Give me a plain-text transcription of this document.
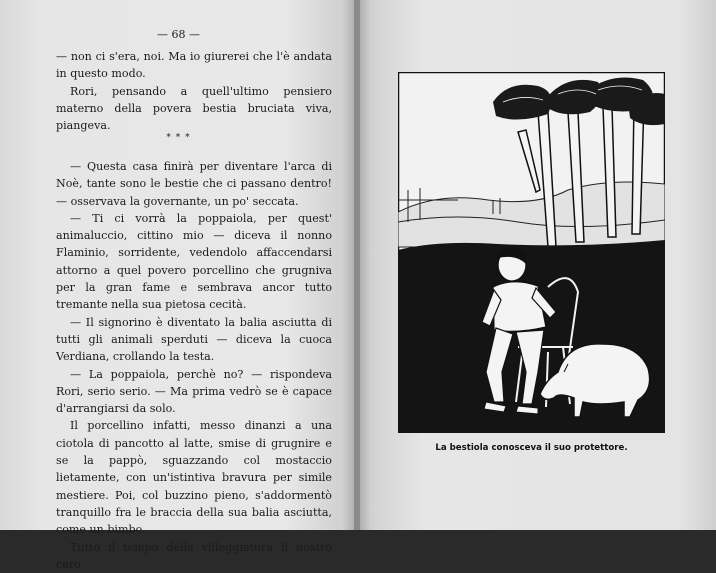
— 68 —

— non ci s'era, noi. Ma io giurerei che l'è andata in questo modo.

Rori, pensando a quell'ultimo pensiero materno della povera bestia bruciata viva, piangeva.

* * *

— Questa casa finirà per diventare l'arca di Noè, tante sono le bestie che ci passano dentro! — osservava la governante, un po' seccata.

— Ti ci vorrà la poppaiola, per quest' animaluccio, cittino mio — diceva il nonno Flaminio, sorridente, vedendolo affaccendarsi attorno a quel povero porcellino che grugniva per la gran fame e sembrava ancor tutto tremante nella sua pietosa cecità.

— Il signorino è diventato la balia asciutta di tutti gli animali sperduti — diceva la cuoca Verdiana, crollando la testa.

— La poppaiola, perchè no? — rispondeva Rori, serio serio. — Ma prima vedrò se è capace d'arrangiarsi da solo.

Il porcellino infatti, messo dinanzi a una ciotola di pancotto al latte, smise di grugnire e se la pappò, sguazzando col mostaccio lietamente, con un'istintiva bravura per simile mestiere. Poi, col buzzino pieno, s'addormentò tranquillo fra le braccia della sua balia asciutta, come un bimbo.

Tutto il tempo della villeggiatura il nostro caro

La bestiola conosceva il suo protettore.
